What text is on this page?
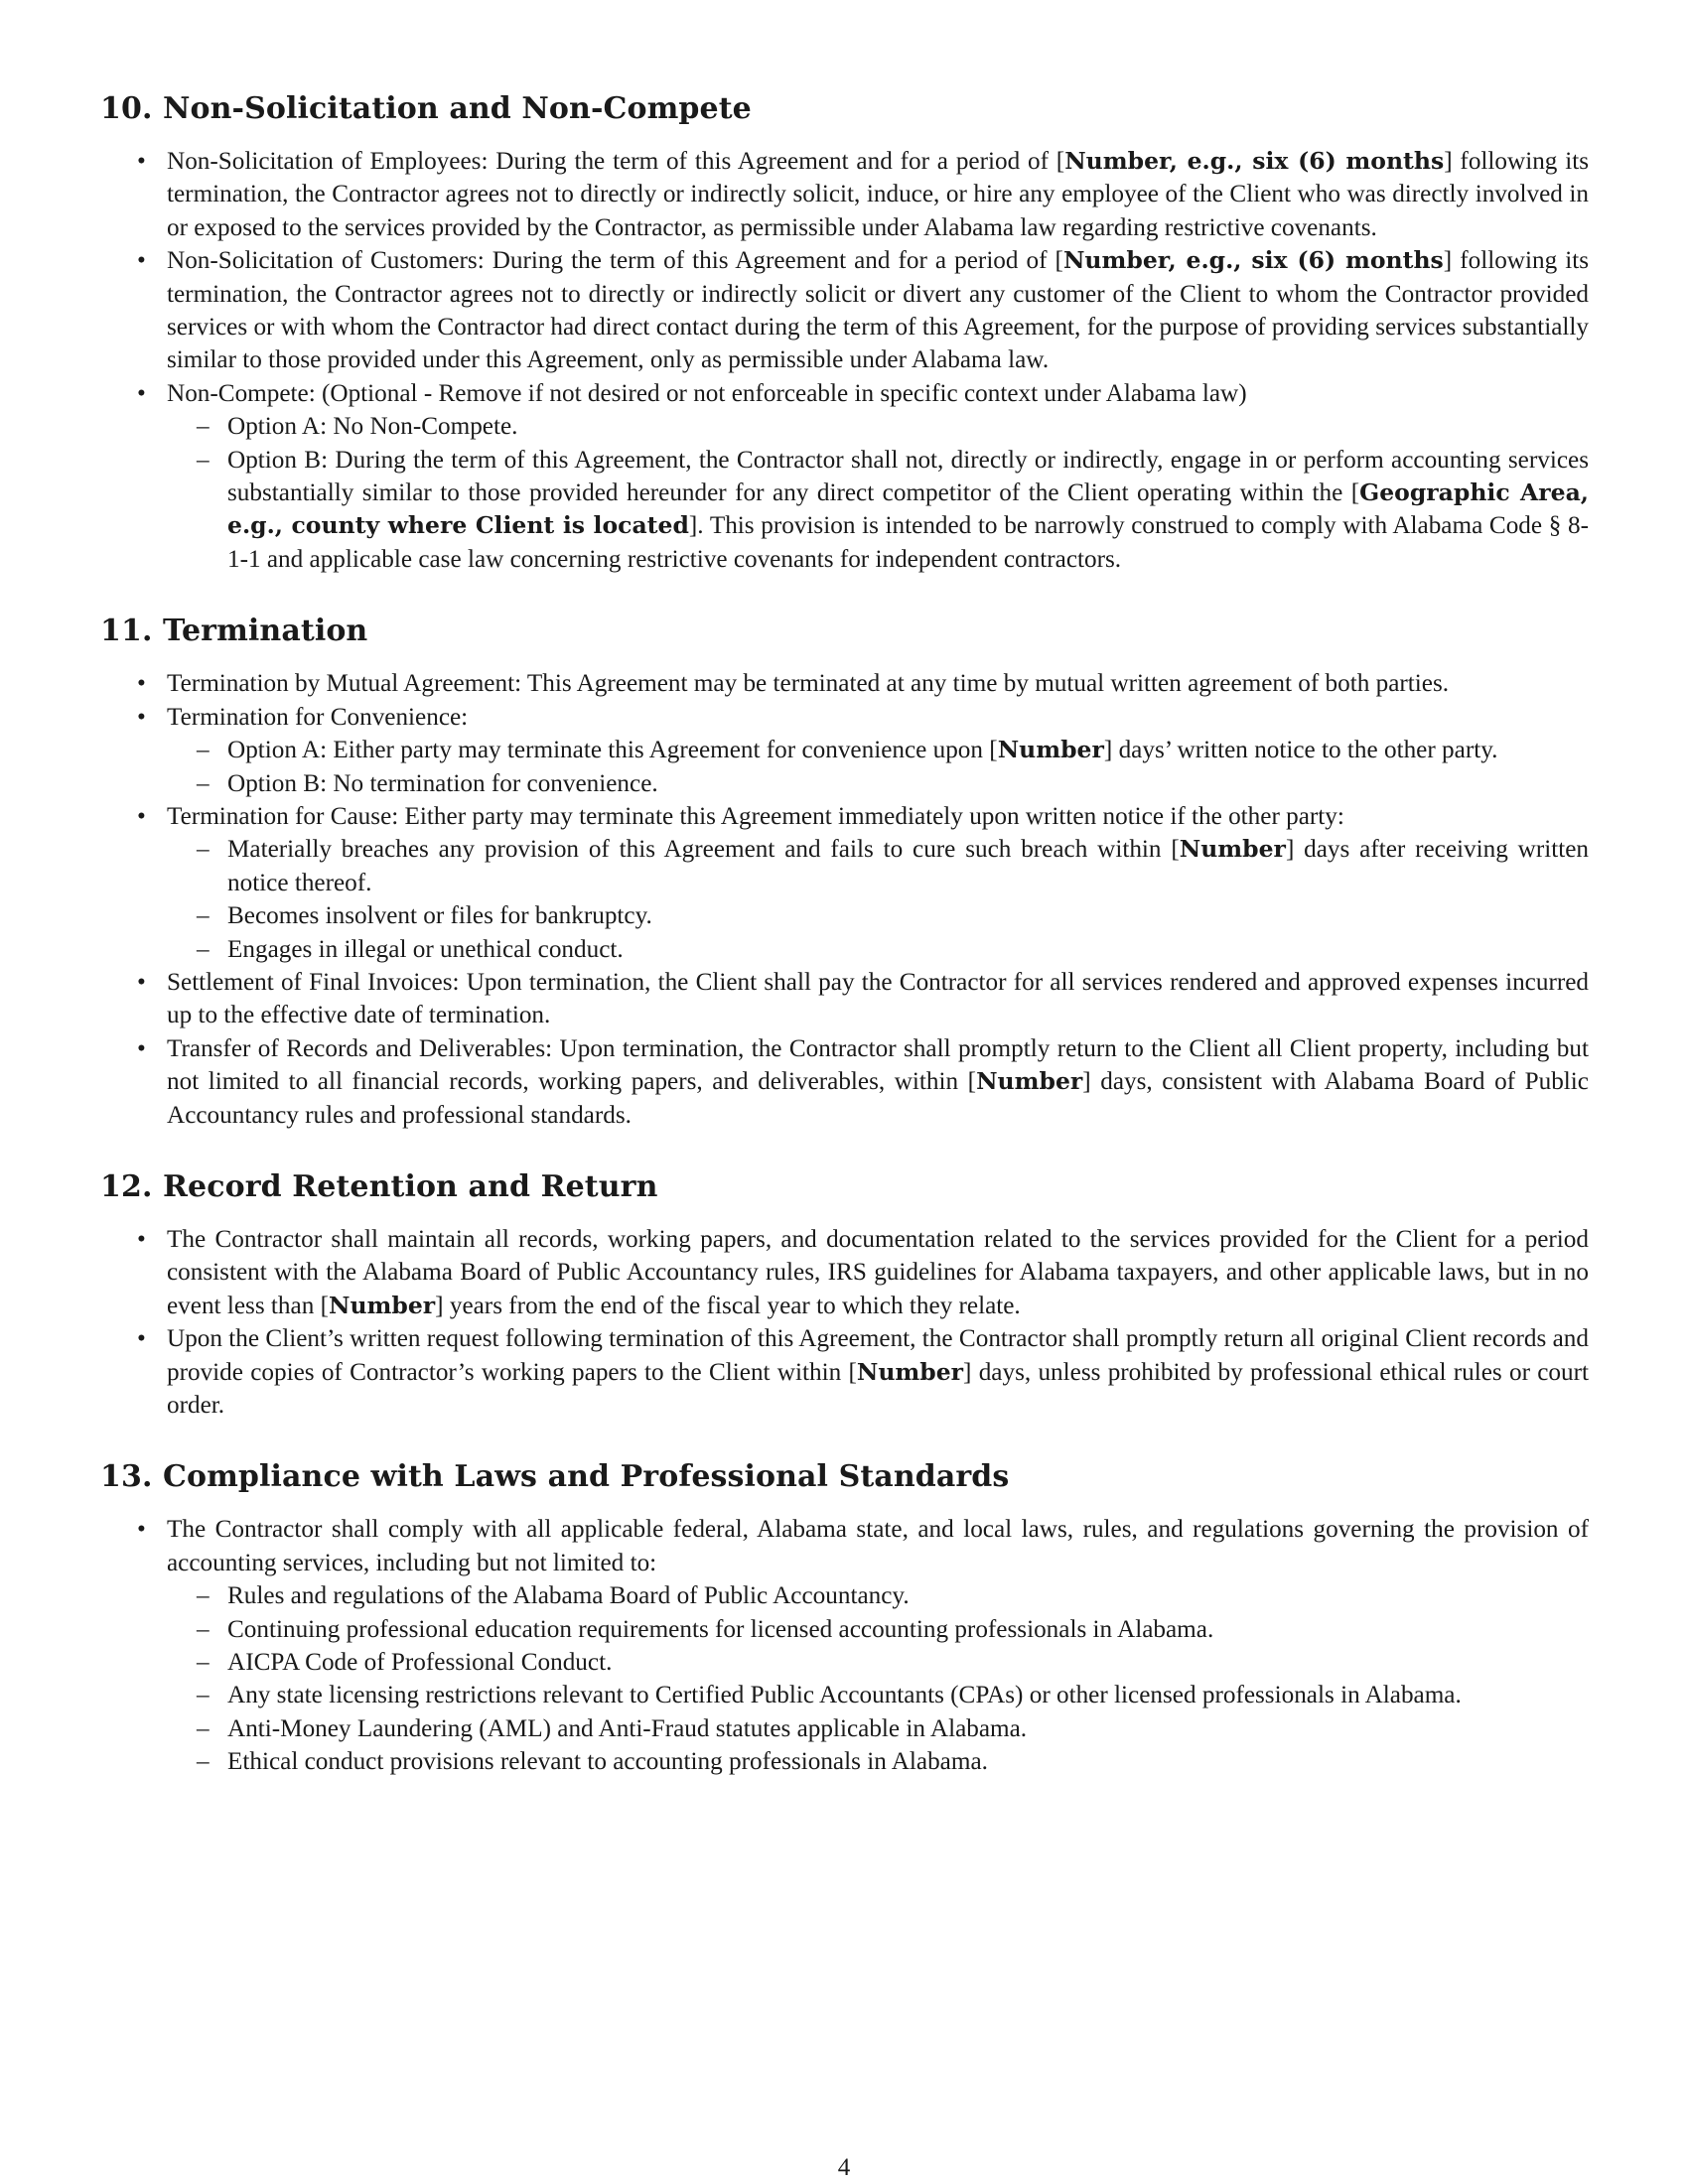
10. Non-Solicitation and Non-Compete
• Non-Solicitation of Employees: During the term of this Agreement and for a period of [Number, e.g., six (6) months] following its termination, the Contractor agrees not to directly or indirectly solicit, induce, or hire any employee of the Client who was directly involved in or exposed to the services provided by the Contractor, as permissible under Alabama law regarding restrictive covenants.
• Non-Solicitation of Customers: During the term of this Agreement and for a period of [Number, e.g., six (6) months] following its termination, the Contractor agrees not to directly or indirectly solicit or divert any customer of the Client to whom the Contractor provided services or with whom the Contractor had direct contact during the term of this Agreement, for the purpose of providing services substantially similar to those provided under this Agreement, only as permissible under Alabama law.
• Non-Compete: (Optional - Remove if not desired or not enforceable in specific context under Alabama law)
– Option A: No Non-Compete.
– Option B: During the term of this Agreement, the Contractor shall not, directly or indirectly, engage in or perform accounting services substantially similar to those provided hereunder for any direct competitor of the Client operating within the [Geographic Area, e.g., county where Client is located]. This provision is intended to be narrowly construed to comply with Alabama Code § 8-1-1 and applicable case law concerning restrictive covenants for independent contractors.
11. Termination
• Termination by Mutual Agreement: This Agreement may be terminated at any time by mutual written agreement of both parties.
• Termination for Convenience:
– Option A: Either party may terminate this Agreement for convenience upon [Number] days’ written notice to the other party.
– Option B: No termination for convenience.
• Termination for Cause: Either party may terminate this Agreement immediately upon written notice if the other party:
– Materially breaches any provision of this Agreement and fails to cure such breach within [Number] days after receiving written notice thereof.
– Becomes insolvent or files for bankruptcy.
– Engages in illegal or unethical conduct.
• Settlement of Final Invoices: Upon termination, the Client shall pay the Contractor for all services rendered and approved expenses incurred up to the effective date of termination.
• Transfer of Records and Deliverables: Upon termination, the Contractor shall promptly return to the Client all Client property, including but not limited to all financial records, working papers, and deliverables, within [Number] days, consistent with Alabama Board of Public Accountancy rules and professional standards.
12. Record Retention and Return
• The Contractor shall maintain all records, working papers, and documentation related to the services provided for the Client for a period consistent with the Alabama Board of Public Accountancy rules, IRS guidelines for Alabama taxpayers, and other applicable laws, but in no event less than [Number] years from the end of the fiscal year to which they relate.
• Upon the Client’s written request following termination of this Agreement, the Contractor shall promptly return all original Client records and provide copies of Contractor’s working papers to the Client within [Number] days, unless prohibited by professional ethical rules or court order.
13. Compliance with Laws and Professional Standards
• The Contractor shall comply with all applicable federal, Alabama state, and local laws, rules, and regulations governing the provision of accounting services, including but not limited to:
– Rules and regulations of the Alabama Board of Public Accountancy.
– Continuing professional education requirements for licensed accounting professionals in Alabama.
– AICPA Code of Professional Conduct.
– Any state licensing restrictions relevant to Certified Public Accountants (CPAs) or other licensed professionals in Alabama.
– Anti-Money Laundering (AML) and Anti-Fraud statutes applicable in Alabama.
– Ethical conduct provisions relevant to accounting professionals in Alabama.
4
